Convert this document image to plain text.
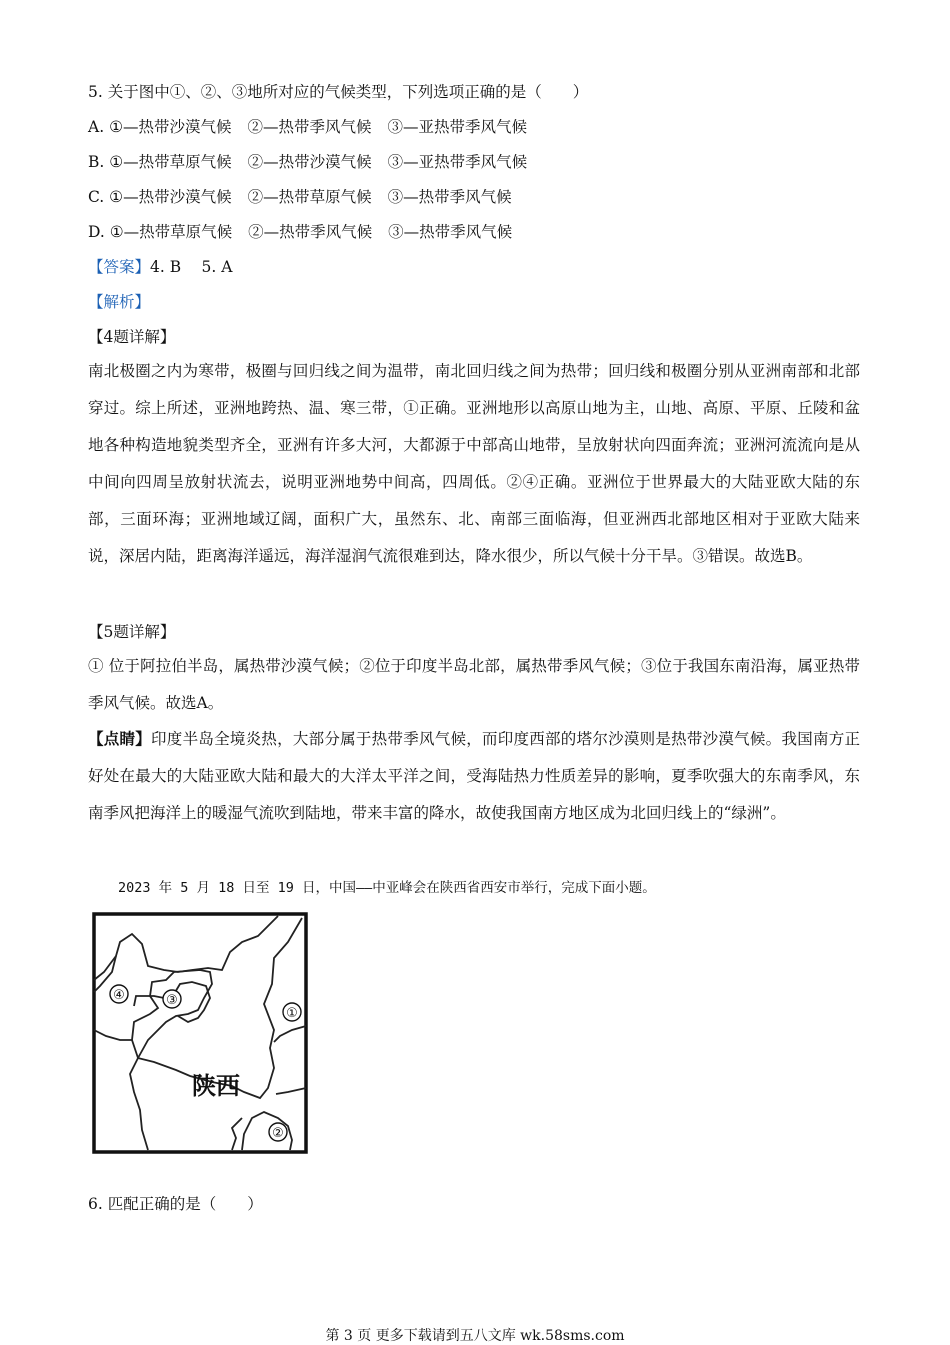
5. 关于图中①、②、③地所对应的气候类型，下列选项正确的是（　　）
A. ①—热带沙漠气候 ②—热带季风气候 ③—亚热带季风气候
B. ①—热带草原气候 ②—热带沙漠气候 ③—亚热带季风气候
C. ①—热带沙漠气候 ②—热带草原气候 ③—热带季风气候
D. ①—热带草原气候 ②—热带季风气候 ③—热带季风气候
【答案】4. B　 5. A
【解析】
【4题详解】
南北极圈之内为寒带，极圈与回归线之间为温带，南北回归线之间为热带；回归线和极圈分别从亚洲南部和北部穿过。综上所述，亚洲地跨热、温、寒三带，①正确。亚洲地形以高原山地为主，山地、高原、平原、丘陵和盆地各种构造地貌类型齐全，亚洲有许多大河，大都源于中部高山地带，呈放射状向四面奔流；亚洲河流流向是从中间向四周呈放射状流去，说明亚洲地势中间高，四周低。②④正确。亚洲位于世界最大的大陆亚欧大陆的东部，三面环海；亚洲地域辽阔，面积广大，虽然东、北、南部三面临海，但亚洲西北部地区相对于亚欧大陆来说，深居内陆，距离海洋遥远，海洋湿润气流很难到达，降水很少，所以气候十分干旱。③错误。故选B。
【5题详解】
① 位于阿拉伯半岛，属热带沙漠气候；②位于印度半岛北部，属热带季风气候；③位于我国东南沿海，属亚热带季风气候。故选A。
【点睛】印度半岛全境炎热，大部分属于热带季风气候，而印度西部的塔尔沙漠则是热带沙漠气候。我国南方正好处在最大的大陆亚欧大陆和最大的大洋太平洋之间，受海陆热力性质差异的影响，夏季吹强大的东南季风，东南季风把海洋上的暖湿气流吹到陆地，带来丰富的降水，故使我国南方地区成为北回归线上的“绿洲”。
2023 年 5 月 18 日至 19 日，中国——中亚峰会在陕西省西安市举行，完成下面小题。
④	③
①
②
陕西
6. 匹配正确的是（　　）
第 3 页 更多下载请到五八文库 wk.58sms.com
